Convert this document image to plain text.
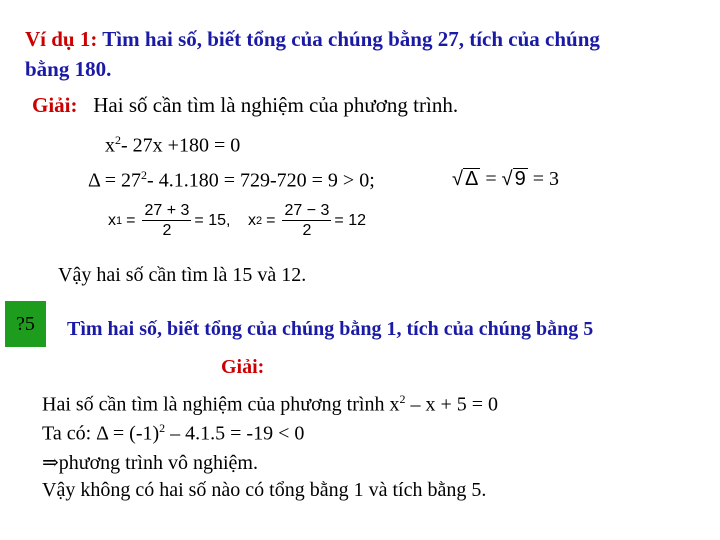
Ví dụ 1: Tìm hai số, biết tổng của chúng bằng 27, tích của chúng
bằng 180.
Giải: Hai số cần tìm là nghiệm của phương trình.
$x^2-$ 27x +180 = 0
$\Delta = 27^2-$ 4.1.180 = 729-720 = 9 > 0;	√ Δ = √ 9 = 3
x $1 = \frac{27 + 3}{2} = 15$, x $2 = \frac{27 - 3}{2} = 12$
Vậy hai số cần tìm là 15 và 12.
?5	Tìm hai số, biết tổng của chúng bằng 1, tích của chúng bằng 5
Giải:
Hai số cần tìm là nghiệm của phương trình $x^2 - x + 5 = 0$
Ta có: $\Delta = (-1)^2 - 4.1.5 = -19 < 0$
⇒phương trình vô nghiệm.
Vậy không có hai số nào có tổng bằng 1 và tích bằng 5.
